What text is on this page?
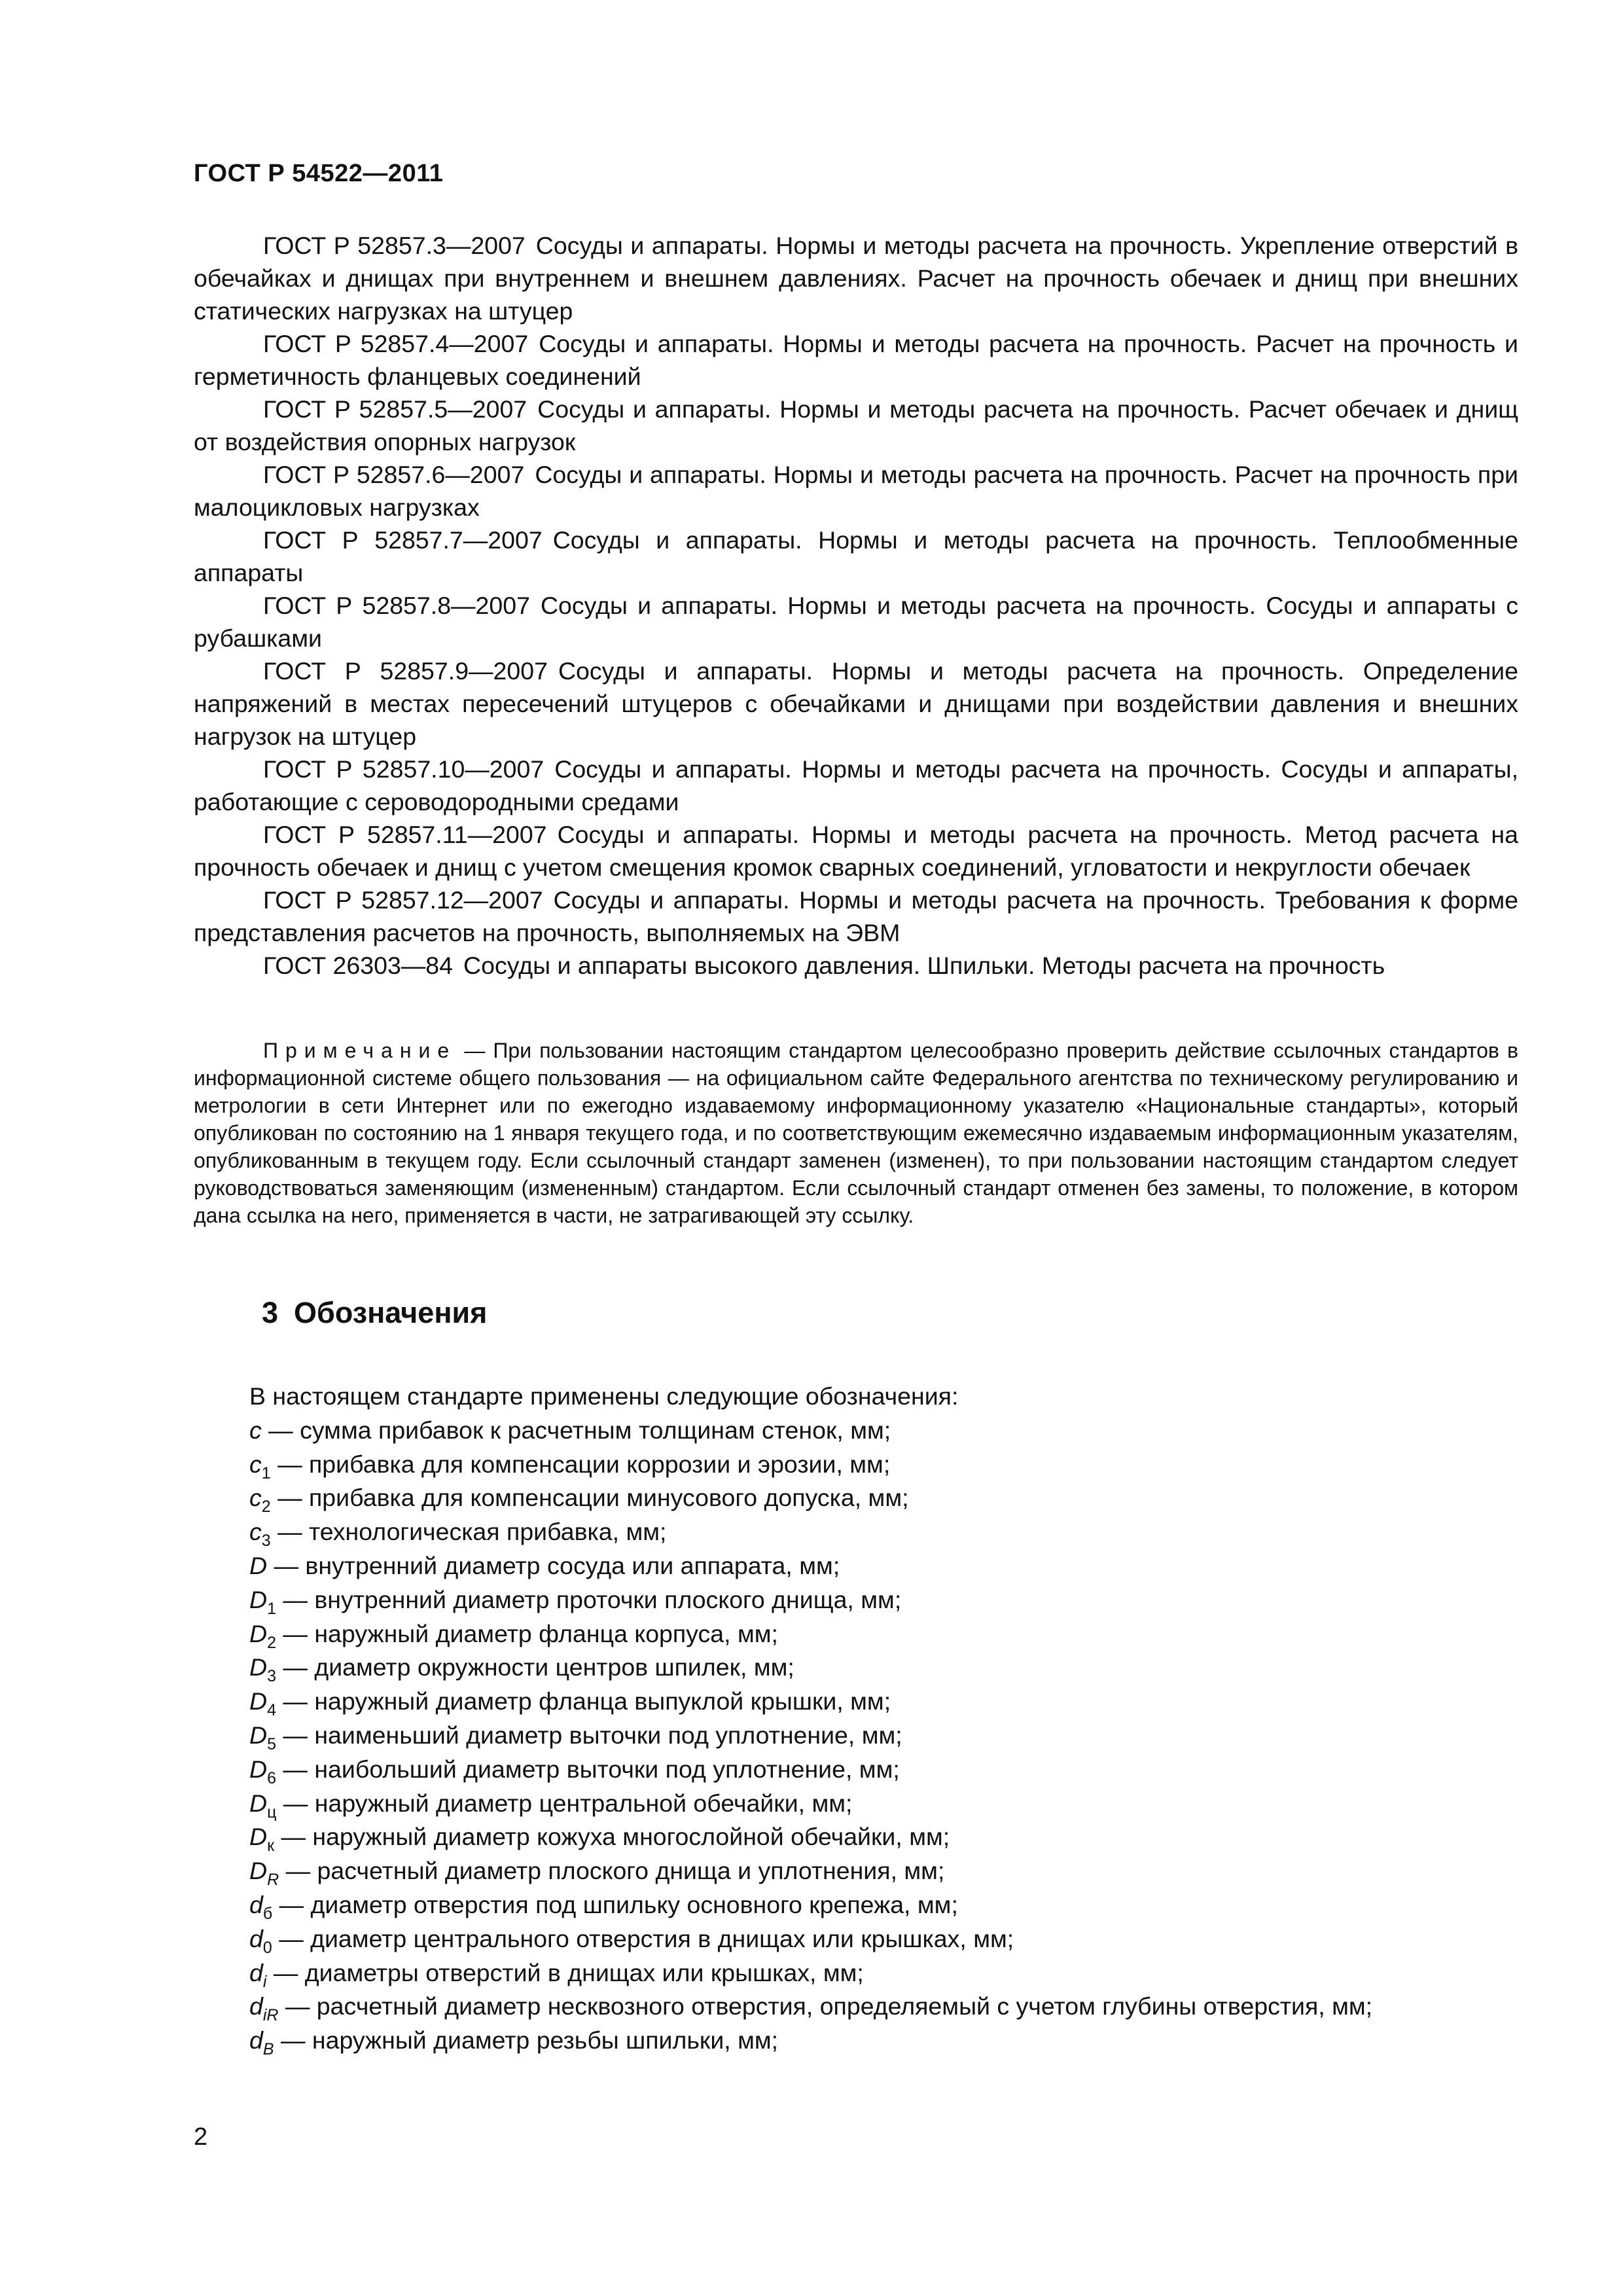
ГОСТ Р 54522—2011

ГОСТ Р 52857.3—2007 Сосуды и аппараты. Нормы и методы расчета на прочность. Укрепление отверстий в обечайках и днищах при внутреннем и внешнем давлениях. Расчет на прочность обечаек и днищ при внешних статических нагрузках на штуцер

ГОСТ Р 52857.4—2007 Сосуды и аппараты. Нормы и методы расчета на прочность. Расчет на прочность и герметичность фланцевых соединений

ГОСТ Р 52857.5—2007 Сосуды и аппараты. Нормы и методы расчета на прочность. Расчет обечаек и днищ от воздействия опорных нагрузок

ГОСТ Р 52857.6—2007 Сосуды и аппараты. Нормы и методы расчета на прочность. Расчет на прочность при малоцикловых нагрузках

ГОСТ Р 52857.7—2007 Сосуды и аппараты. Нормы и методы расчета на прочность. Теплообменные аппараты

ГОСТ Р 52857.8—2007 Сосуды и аппараты. Нормы и методы расчета на прочность. Сосуды и аппараты с рубашками

ГОСТ Р 52857.9—2007 Сосуды и аппараты. Нормы и методы расчета на прочность. Определение напряжений в местах пересечений штуцеров с обечайками и днищами при воздействии давления и внешних нагрузок на штуцер

ГОСТ Р 52857.10—2007 Сосуды и аппараты. Нормы и методы расчета на прочность. Сосуды и аппараты, работающие с сероводородными средами

ГОСТ Р 52857.11—2007 Сосуды и аппараты. Нормы и методы расчета на прочность. Метод расчета на прочность обечаек и днищ с учетом смещения кромок сварных соединений, угловатости и некруглости обечаек

ГОСТ Р 52857.12—2007 Сосуды и аппараты. Нормы и методы расчета на прочность. Требования к форме представления расчетов на прочность, выполняемых на ЭВМ

ГОСТ 26303—84 Сосуды и аппараты высокого давления. Шпильки. Методы расчета на прочность

Примечание — При пользовании настоящим стандартом целесообразно проверить действие ссылочных стандартов в информационной системе общего пользования — на официальном сайте Федерального агентства по техническому регулированию и метрологии в сети Интернет или по ежегодно издаваемому информационному указателю «Национальные стандарты», который опубликован по состоянию на 1 января текущего года, и по соответствующим ежемесячно издаваемым информационным указателям, опубликованным в текущем году. Если ссылочный стандарт заменен (изменен), то при пользовании настоящим стандартом следует руководствоваться заменяющим (измененным) стандартом. Если ссылочный стандарт отменен без замены, то положение, в котором дана ссылка на него, применяется в части, не затрагивающей эту ссылку.
3 Обозначения
В настоящем стандарте применены следующие обозначения:
c — сумма прибавок к расчетным толщинам стенок, мм;
$c_1$ — прибавка для компенсации коррозии и эрозии, мм;
$c_2$ — прибавка для компенсации минусового допуска, мм;
$c_3$ — технологическая прибавка, мм;
D — внутренний диаметр сосуда или аппарата, мм;
$D_1$ — внутренний диаметр проточки плоского днища, мм;
$D_2$ — наружный диаметр фланца корпуса, мм;
$D_3$ — диаметр окружности центров шпилек, мм;
$D_4$ — наружный диаметр фланца выпуклой крышки, мм;
$D_5$ — наименьший диаметр выточки под уплотнение, мм;
$D_6$ — наибольший диаметр выточки под уплотнение, мм;
$D_ц$ — наружный диаметр центральной обечайки, мм;
$D_к$ — наружный диаметр кожуха многослойной обечайки, мм;
$D_R$ — расчетный диаметр плоского днища и уплотнения, мм;
$d_б$ — диаметр отверстия под шпильку основного крепежа, мм;
$d_0$ — диаметр центрального отверстия в днищах или крышках, мм;
$d_i$ — диаметры отверстий в днищах или крышках, мм;
$d_{iR}$ — расчетный диаметр несквозного отверстия, определяемый с учетом глубины отверстия, мм;
$d_B$ — наружный диаметр резьбы шпильки, мм;
2
